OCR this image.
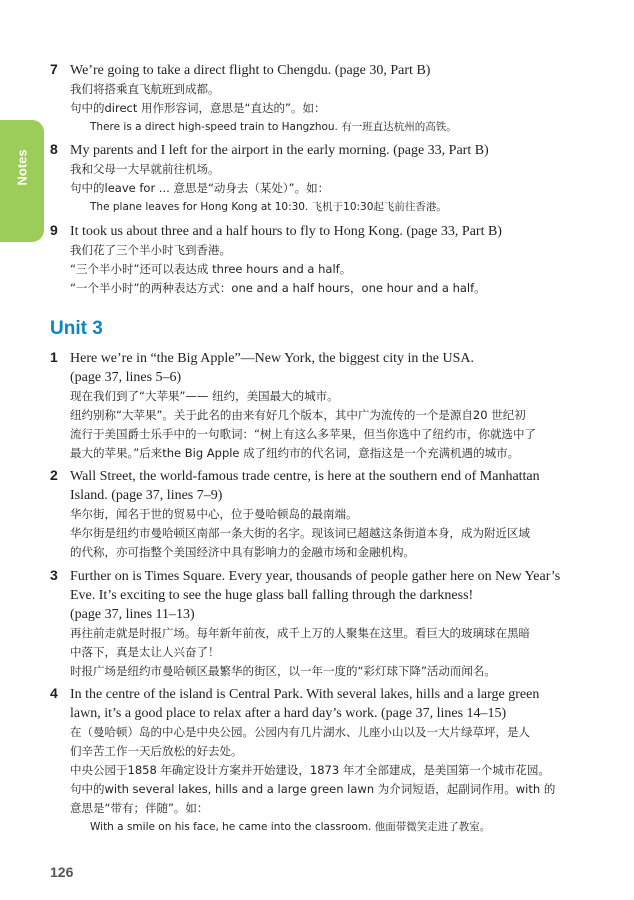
Notes
7 We’re going to take a direct flight to Chengdu. (page 30, Part B)

我们将搭乘直飞航班到成都。

句中的direct 用作形容词，意思是“直达的”。如：

There is a direct high-speed train to Hangzhou. 有一班直达杭州的高铁。

8 My parents and I left for the airport in the early morning. (page 33, Part B)

我和父母一大早就前往机场。

句中的leave for ... 意思是“动身去（某处）”。如：

The plane leaves for Hong Kong at 10:30. 飞机于10:30起飞前往香港。

9 It took us about three and a half hours to fly to Hong Kong. (page 33, Part B)

我们花了三个半小时飞到香港。

“三个半小时”还可以表达成 three hours and a half。

“一个半小时”的两种表达方式：one and a half hours，one hour and a half。

Unit 3
1 Here we’re in “the Big Apple”—New York, the biggest city in the USA.

(page 37, lines 5–6)

现在我们到了“大苹果”—— 纽约，美国最大的城市。

纽约别称“大苹果”。关于此名的由来有好几个版本，其中广为流传的一个是源自20 世纪初

流行于美国爵士乐手中的一句歌词：“树上有这么多苹果，但当你选中了纽约市，你就选中了

最大的苹果。”后来the Big Apple 成了纽约市的代名词，意指这是一个充满机遇的城市。

2 Wall Street, the world-famous trade centre, is here at the southern end of Manhattan

Island. (page 37, lines 7–9)

华尔街，闻名于世的贸易中心，位于曼哈顿岛的最南端。

华尔街是纽约市曼哈顿区南部一条大街的名字。现该词已超越这条街道本身，成为附近区域

的代称，亦可指整个美国经济中具有影响力的金融市场和金融机构。

3 Further on is Times Square. Every year, thousands of people gather here on New Year’s

Eve. It’s exciting to see the huge glass ball falling through the darkness!

(page 37, lines 11–13)

再往前走就是时报广场。每年新年前夜，成千上万的人聚集在这里。看巨大的玻璃球在黑暗

中落下，真是太让人兴奋了！

时报广场是纽约市曼哈顿区最繁华的街区，以一年一度的“彩灯球下降”活动而闻名。

4 In the centre of the island is Central Park. With several lakes, hills and a large green

lawn, it’s a good place to relax after a hard day’s work. (page 37, lines 14–15)

在（曼哈顿）岛的中心是中央公园。公园内有几片湖水、儿座小山以及一大片绿草坪，是人

们辛苦工作一天后放松的好去处。

中央公园于1858 年确定设计方案并开始建设，1873 年才全部建成，是美国第一个城市花园。

句中的with several lakes, hills and a large green lawn 为介词短语，起副词作用。with 的

意思是“带有；伴随”。如：

With a smile on his face, he came into the classroom. 他面带微笑走进了教室。

126
